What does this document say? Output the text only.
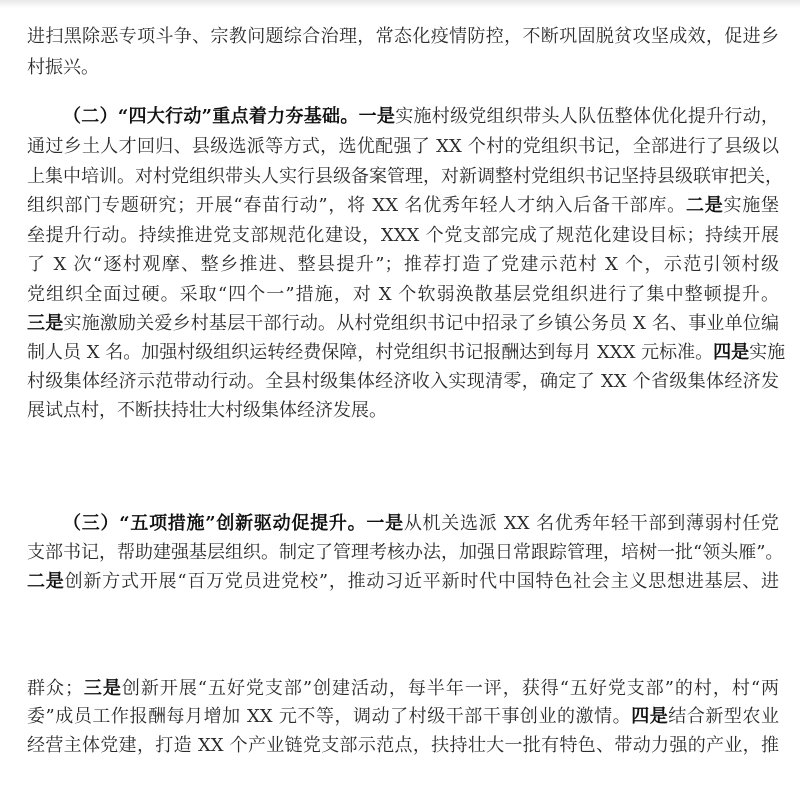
进扫黑除恶专项斗争、宗教问题综合治理，常态化疫情防控，不断巩固脱贫攻坚成效，促进乡
村振兴。
（二）“四大行动”重点着力夯基础。一是实施村级党组织带头人队伍整体优化提升行动，
通过乡土人才回归、县级选派等方式，选优配强了 XX 个村的党组织书记，全部进行了县级以
上集中培训。对村党组织带头人实行县级备案管理，对新调整村党组织书记坚持县级联审把关，
组织部门专题研究；开展“春苗行动”，将 XX 名优秀年轻人才纳入后备干部库。二是实施堡
垒提升行动。持续推进党支部规范化建设，XXX 个党支部完成了规范化建设目标；持续开展
了 X 次“逐村观摩、整乡推进、整县提升”；推荐打造了党建示范村 X 个，示范引领村级
党组织全面过硬。采取“四个一”措施，对 X 个软弱涣散基层党组织进行了集中整顿提升。
三是实施激励关爱乡村基层干部行动。从村党组织书记中招录了乡镇公务员 X 名、事业单位编
制人员 X 名。加强村级组织运转经费保障，村党组织书记报酬达到每月 XXX 元标准。四是实施
村级集体经济示范带动行动。全县村级集体经济收入实现清零，确定了 XX 个省级集体经济发
展试点村，不断扶持壮大村级集体经济发展。
（三）“五项措施”创新驱动促提升。一是从机关选派 XX 名优秀年轻干部到薄弱村任党
支部书记，帮助建强基层组织。制定了管理考核办法，加强日常跟踪管理，培树一批“领头雁”。
二是创新方式开展“百万党员进党校”，推动习近平新时代中国特色社会主义思想进基层、进
群众；三是创新开展“五好党支部”创建活动，每半年一评，获得“五好党支部”的村，村“两
委”成员工作报酬每月增加 XX 元不等，调动了村级干部干事创业的激情。四是结合新型农业
经营主体党建，打造 XX 个产业链党支部示范点，扶持壮大一批有特色、带动力强的产业，推
